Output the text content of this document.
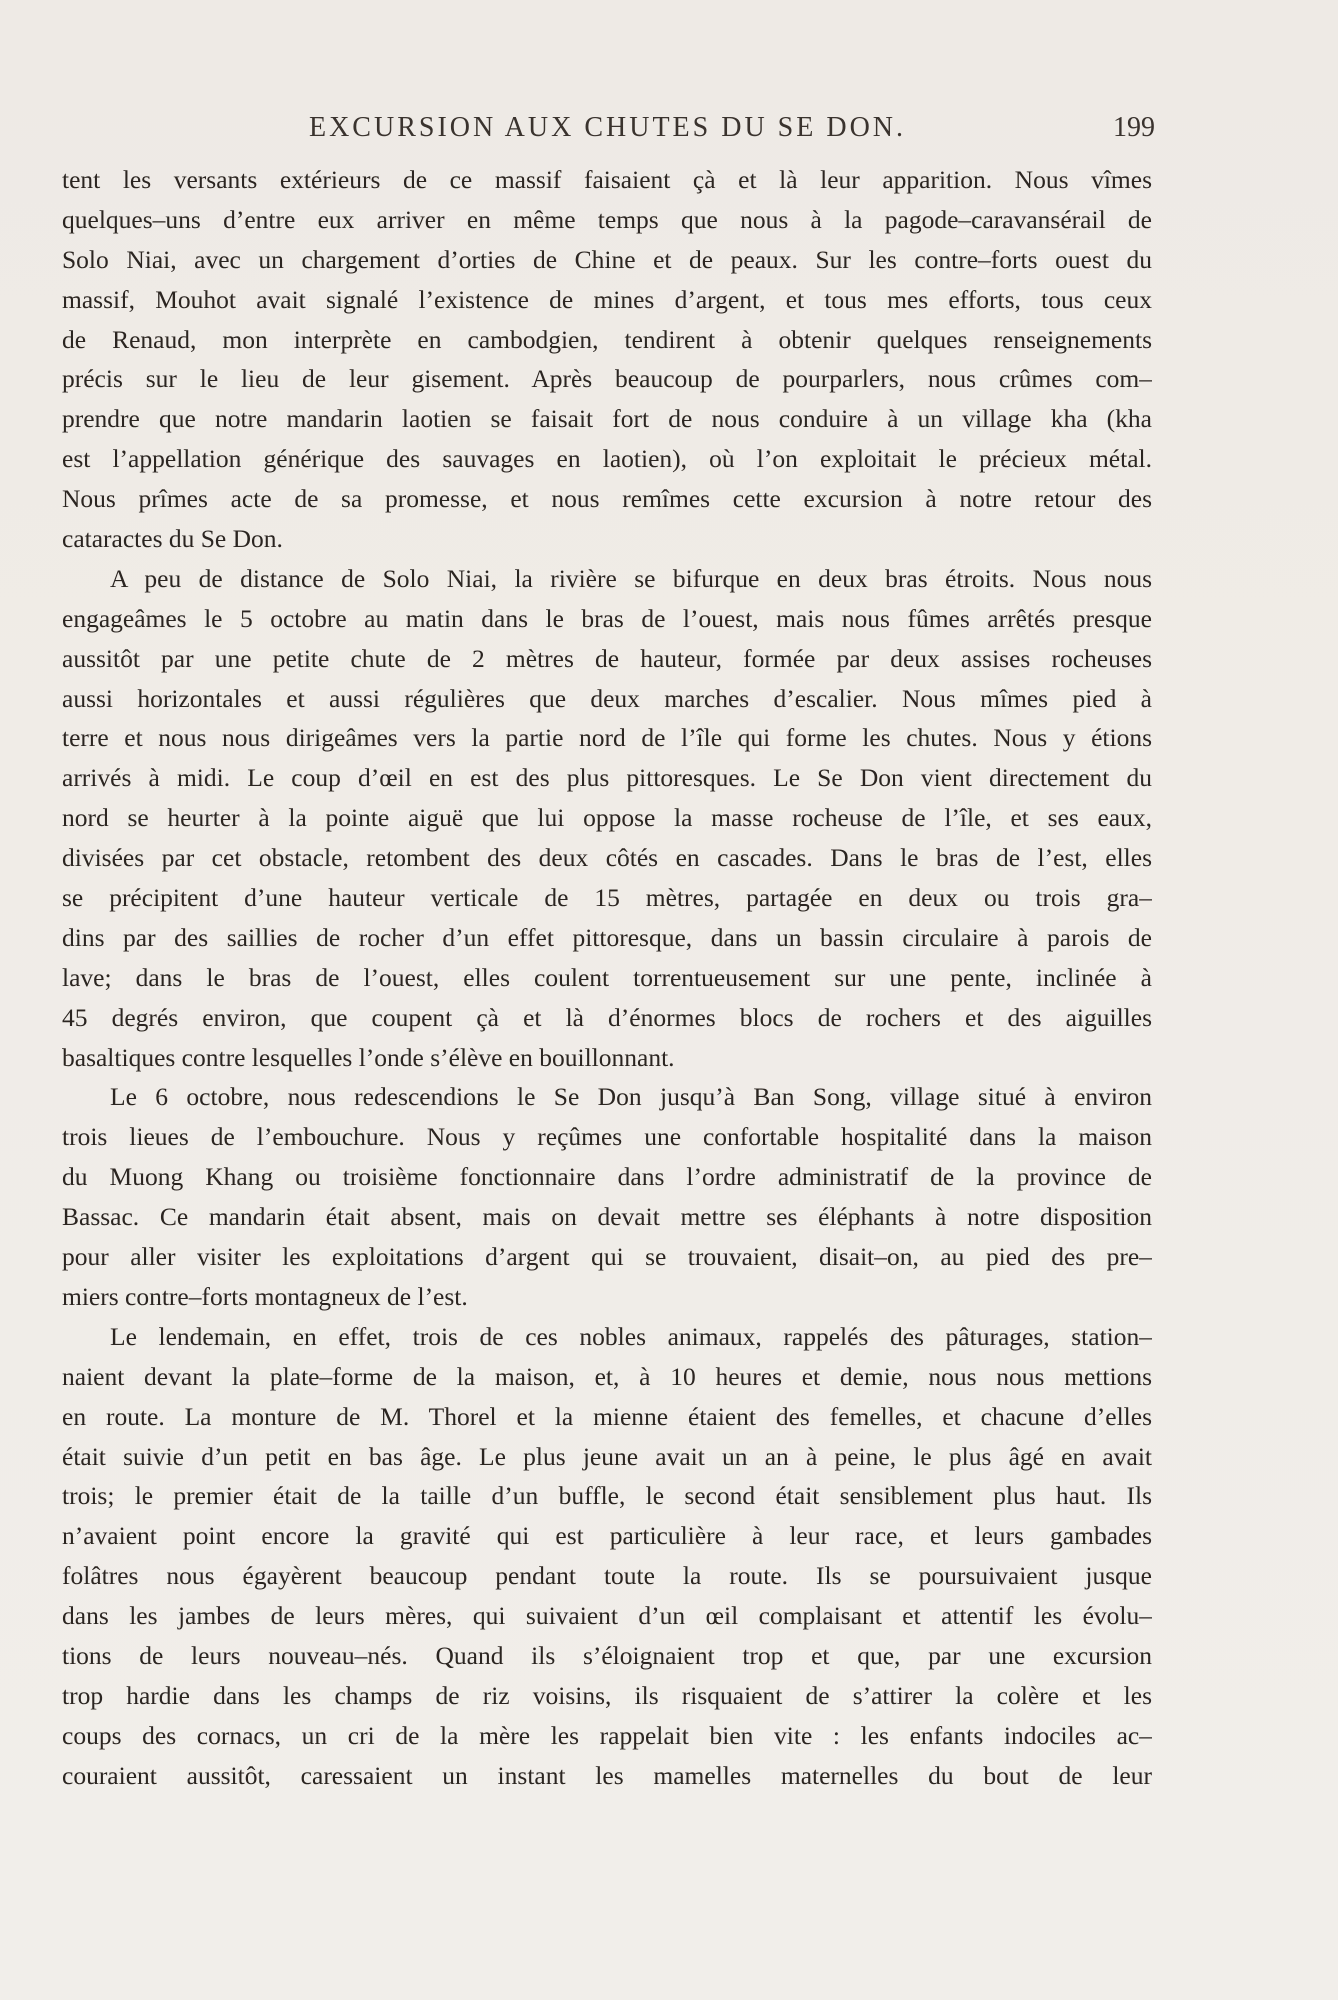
EXCURSION AUX CHUTES DU SE DON.	199
tent les versants extérieurs de ce massif faisaient çà et là leur apparition. Nous vîmes
quelques–uns d’entre eux arriver en même temps que nous à la pagode–caravansérail de
Solo Niai, avec un chargement d’orties de Chine et de peaux. Sur les contre–forts ouest du
massif, Mouhot avait signalé l’existence de mines d’argent, et tous mes efforts, tous ceux
de Renaud, mon interprète en cambodgien, tendirent à obtenir quelques renseignements
précis sur le lieu de leur gisement. Après beaucoup de pourparlers, nous crûmes com–
prendre que notre mandarin laotien se faisait fort de nous conduire à un village kha (kha
est l’appellation générique des sauvages en laotien), où l’on exploitait le précieux métal.
Nous prîmes acte de sa promesse, et nous remîmes cette excursion à notre retour des
cataractes du Se Don.
A peu de distance de Solo Niai, la rivière se bifurque en deux bras étroits. Nous nous
engageâmes le 5 octobre au matin dans le bras de l’ouest, mais nous fûmes arrêtés presque
aussitôt par une petite chute de 2 mètres de hauteur, formée par deux assises rocheuses
aussi horizontales et aussi régulières que deux marches d’escalier. Nous mîmes pied à
terre et nous nous dirigeâmes vers la partie nord de l’île qui forme les chutes. Nous y étions
arrivés à midi. Le coup d’œil en est des plus pittoresques. Le Se Don vient directement du
nord se heurter à la pointe aiguë que lui oppose la masse rocheuse de l’île, et ses eaux,
divisées par cet obstacle, retombent des deux côtés en cascades. Dans le bras de l’est, elles
se précipitent d’une hauteur verticale de 15 mètres, partagée en deux ou trois gra–
dins par des saillies de rocher d’un effet pittoresque, dans un bassin circulaire à parois de
lave; dans le bras de l’ouest, elles coulent torrentueusement sur une pente, inclinée à
45 degrés environ, que coupent çà et là d’énormes blocs de rochers et des aiguilles
basaltiques contre lesquelles l’onde s’élève en bouillonnant.
Le 6 octobre, nous redescendions le Se Don jusqu’à Ban Song, village situé à environ
trois lieues de l’embouchure. Nous y reçûmes une confortable hospitalité dans la maison
du Muong Khang ou troisième fonctionnaire dans l’ordre administratif de la province de
Bassac. Ce mandarin était absent, mais on devait mettre ses éléphants à notre disposition
pour aller visiter les exploitations d’argent qui se trouvaient, disait–on, au pied des pre–
miers contre–forts montagneux de l’est.
Le lendemain, en effet, trois de ces nobles animaux, rappelés des pâturages, station–
naient devant la plate–forme de la maison, et, à 10 heures et demie, nous nous mettions
en route. La monture de M. Thorel et la mienne étaient des femelles, et chacune d’elles
était suivie d’un petit en bas âge. Le plus jeune avait un an à peine, le plus âgé en avait
trois; le premier était de la taille d’un buffle, le second était sensiblement plus haut. Ils
n’avaient point encore la gravité qui est particulière à leur race, et leurs gambades
folâtres nous égayèrent beaucoup pendant toute la route. Ils se poursuivaient jusque
dans les jambes de leurs mères, qui suivaient d’un œil complaisant et attentif les évolu–
tions de leurs nouveau–nés. Quand ils s’éloignaient trop et que, par une excursion
trop hardie dans les champs de riz voisins, ils risquaient de s’attirer la colère et les
coups des cornacs, un cri de la mère les rappelait bien vite : les enfants indociles ac–
couraient aussitôt, caressaient un instant les mamelles maternelles du bout de leur
